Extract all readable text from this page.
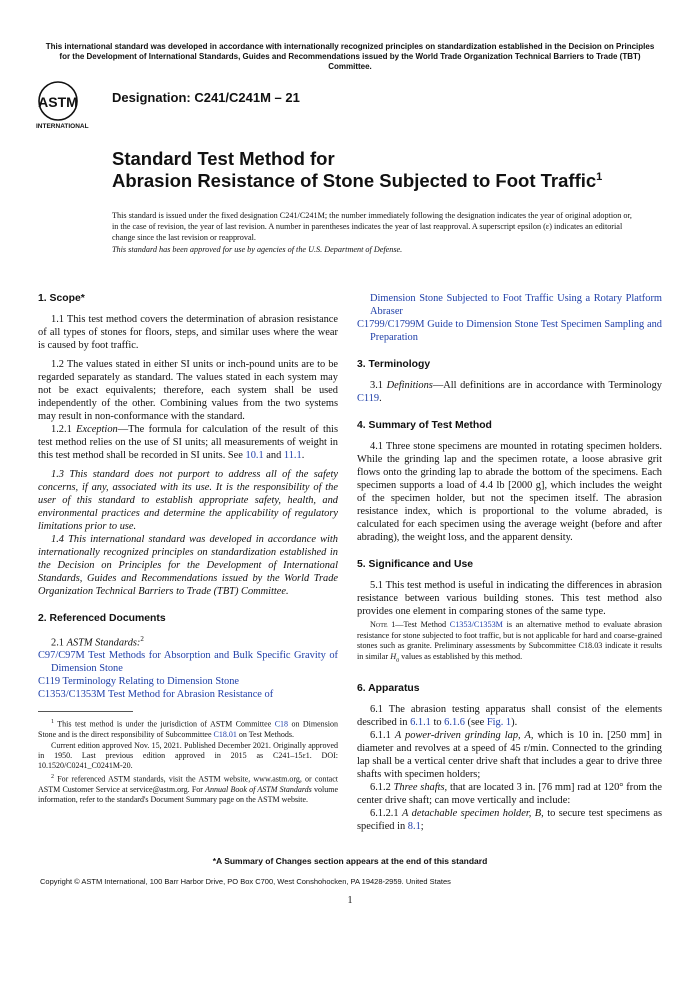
This international standard was developed in accordance with internationally recognized principles on standardization established in the Decision on Principles for the Development of International Standards, Guides and Recommendations issued by the World Trade Organization Technical Barriers to Trade (TBT) Committee.
ASTM
INTERNATIONAL
Designation: C241/C241M – 21
Standard Test Method for
Abrasion Resistance of Stone Subjected to Foot Traffic$^1$
This standard is issued under the fixed designation C241/C241M; the number immediately following the designation indicates the year of original adoption or, in the case of revision, the year of last revision. A number in parentheses indicates the year of last reapproval. A superscript epsilon (ε) indicates an editorial change since the last revision or reapproval.
This standard has been approved for use by agencies of the U.S. Department of Defense.
1. Scope*

1.1 This test method covers the determination of abrasion resistance of all types of stones for floors, steps, and similar uses where the wear is caused by foot traffic.

1.2 The values stated in either SI units or inch-pound units are to be regarded separately as standard. The values stated in each system may not be exact equivalents; therefore, each system shall be used independently of the other. Combining values from the two systems may result in non-conformance with the standard.

1.2.1 Exception—The formula for calculation of the result of this test method relies on the use of SI units; all measurements of weight in this test method shall be recorded in SI units. See 10.1 and 11.1.

1.3 This standard does not purport to address all of the safety concerns, if any, associated with its use. It is the responsibility of the user of this standard to establish appropriate safety, health, and environmental practices and determine the applicability of regulatory limitations prior to use.

1.4 This international standard was developed in accordance with internationally recognized principles on standardization established in the Decision on Principles for the Development of International Standards, Guides and Recommendations issued by the World Trade Organization Technical Barriers to Trade (TBT) Committee.

2. Referenced Documents

2.1 ASTM Standards:$^2$

C97/C97M Test Methods for Absorption and Bulk Specific Gravity of Dimension Stone

C119 Terminology Relating to Dimension Stone

C1353/C1353M Test Method for Abrasion Resistance of

$^1$ This test method is under the jurisdiction of ASTM Committee C18 on Dimension Stone and is the direct responsibility of Subcommittee C18.01 on Test Methods.

Current edition approved Nov. 15, 2021. Published December 2021. Originally approved in 1950. Last previous edition approved in 2015 as C241–15ε1. DOI: 10.1520/C0241_C0241M-20.

$^2$ For referenced ASTM standards, visit the ASTM website, www.astm.org, or contact ASTM Customer Service at service@astm.org. For Annual Book of ASTM Standards volume information, refer to the standard's Document Summary page on the ASTM website.

Dimension Stone Subjected to Foot Traffic Using a Rotary Platform Abraser

C1799/C1799M Guide to Dimension Stone Test Specimen Sampling and Preparation

3. Terminology

3.1 Definitions—All definitions are in accordance with Terminology C119.

4. Summary of Test Method

4.1 Three stone specimens are mounted in rotating specimen holders. While the grinding lap and the specimen rotate, a loose abrasive grit flows onto the grinding lap to abrade the bottom of the specimens. Each specimen supports a load of 4.4 lb [2000 g], which includes the weight of the specimen holder, but not the specimen itself. The abrasion resistance index, which is proportional to the volume abraded, is calculated for each specimen using the average weight (before and after abrading), the weight loss, and the apparent density.

5. Significance and Use

5.1 This test method is useful in indicating the differences in abrasion resistance between various building stones. This test method also provides one element in comparing stones of the same type.

Note 1—Test Method C1353/C1353M is an alternative method to evaluate abrasion resistance for stone subjected to foot traffic, but is not applicable for hard and coarse-grained stones such as granite. Preliminary assessments by Subcommittee C18.03 indicate it results in similar $H_a$ values as established by this method.

6. Apparatus

6.1 The abrasion testing apparatus shall consist of the elements described in 6.1.1 to 6.1.6 (see Fig. 1).

6.1.1 A power-driven grinding lap, A, which is 10 in. [250 mm] in diameter and revolves at a speed of 45 r/min. Connected to the grinding lap shall be a vertical center drive shaft that includes a gear to drive three shafts with specimen holders;

6.1.2 Three shafts, that are located 3 in. [76 mm] rad at 120° from the center drive shaft; can move vertically and include:

6.1.2.1 A detachable specimen holder, B, to secure test specimens as specified in 8.1;

*A Summary of Changes section appears at the end of this standard
Copyright © ASTM International, 100 Barr Harbor Drive, PO Box C700, West Conshohocken, PA 19428-2959. United States
1
